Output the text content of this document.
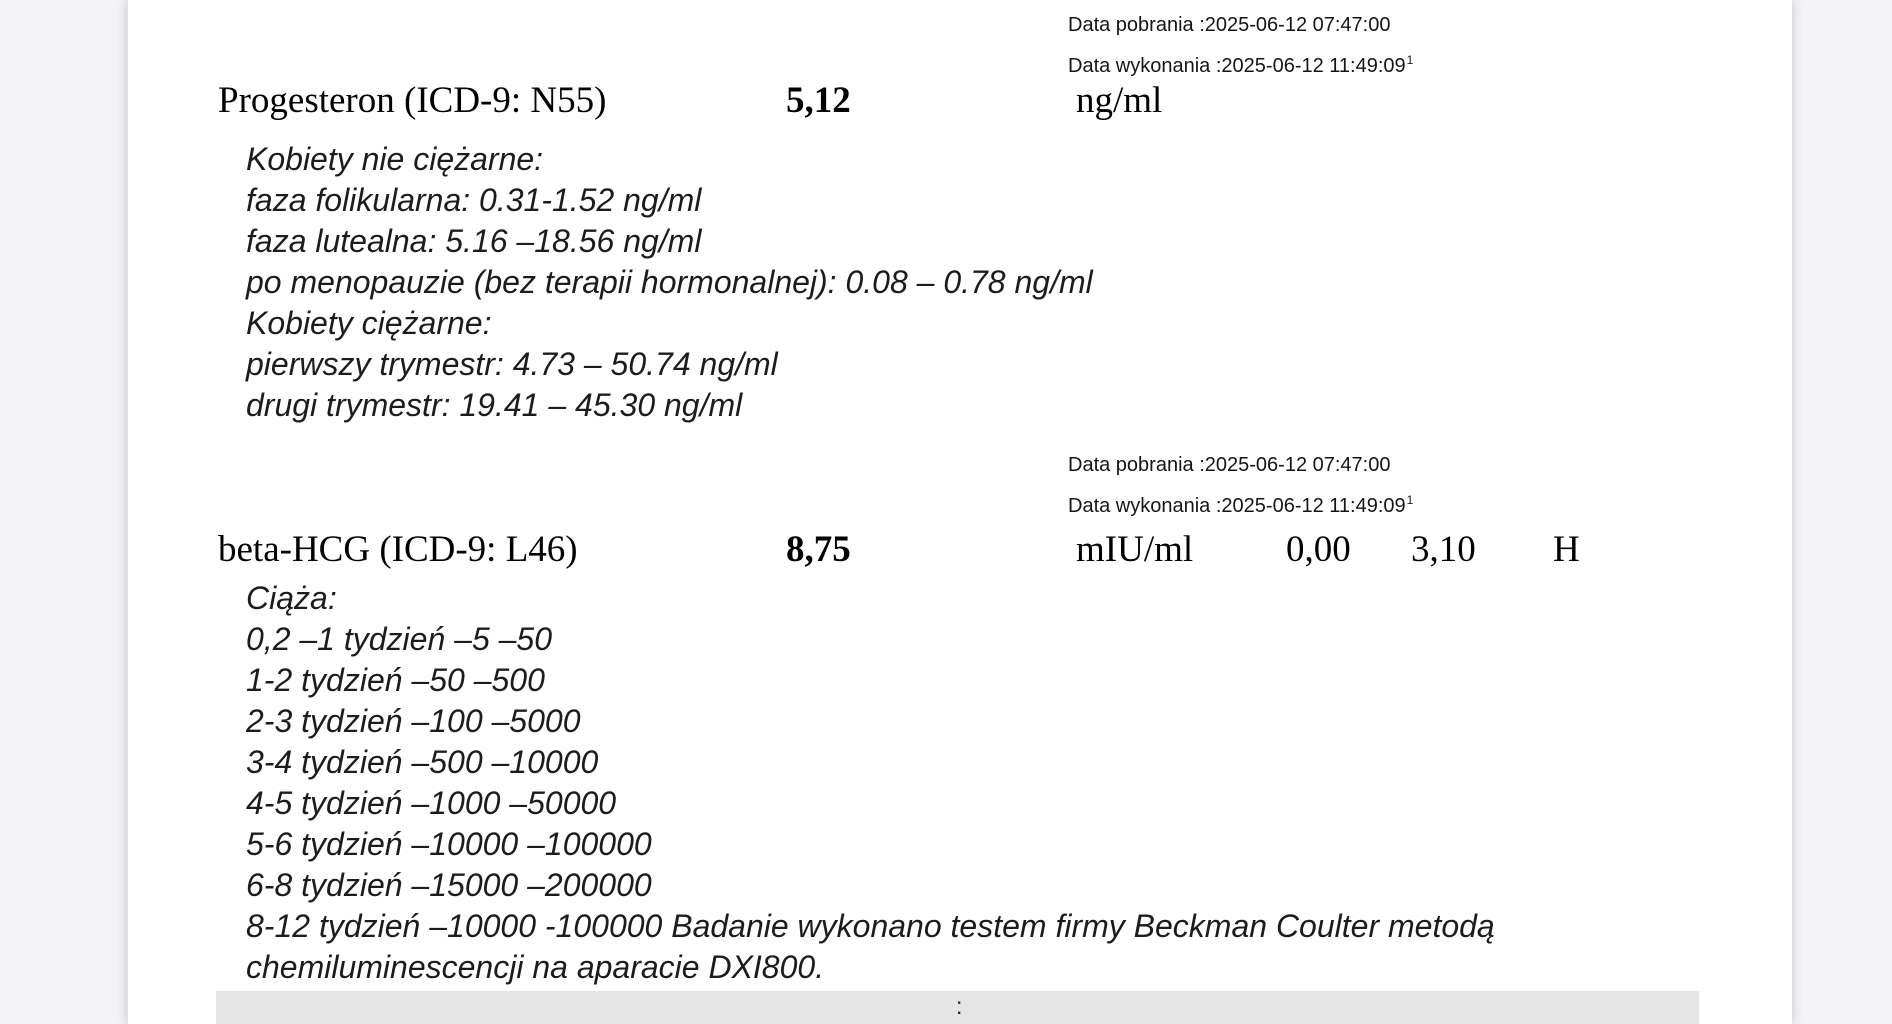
Data pobrania :2025-06-12 07:47:00
Data wykonania :2025-06-12 $11:49:09^1$
Progesteron (ICD-9: N55)	5,12	ng/ml
Kobiety nie ciężarne:
faza folikularna: 0.31-1.52 ng/ml
faza lutealna: 5.16 –18.56 ng/ml
po menopauzie (bez terapii hormonalnej): 0.08 – 0.78 ng/ml
Kobiety ciężarne:
pierwszy trymestr: 4.73 – 50.74 ng/ml
drugi trymestr: 19.41 – 45.30 ng/ml
Data pobrania :2025-06-12 07:47:00
Data wykonania :2025-06-12 $11:49:09^1$
beta-HCG (ICD-9: L46)	8,75	mIU/ml	0,00 3,10 H
Ciąża:
0,2 –1 tydzień –5 –50
1-2 tydzień –50 –500
2-3 tydzień –100 –5000
3-4 tydzień –500 –10000
4-5 tydzień –1000 –50000
5-6 tydzień –10000 –100000
6-8 tydzień –15000 –200000
8-12 tydzień –10000 -100000 Badanie wykonano testem firmy Beckman Coulter metodą
chemiluminescencji na aparacie DXI800.
:
